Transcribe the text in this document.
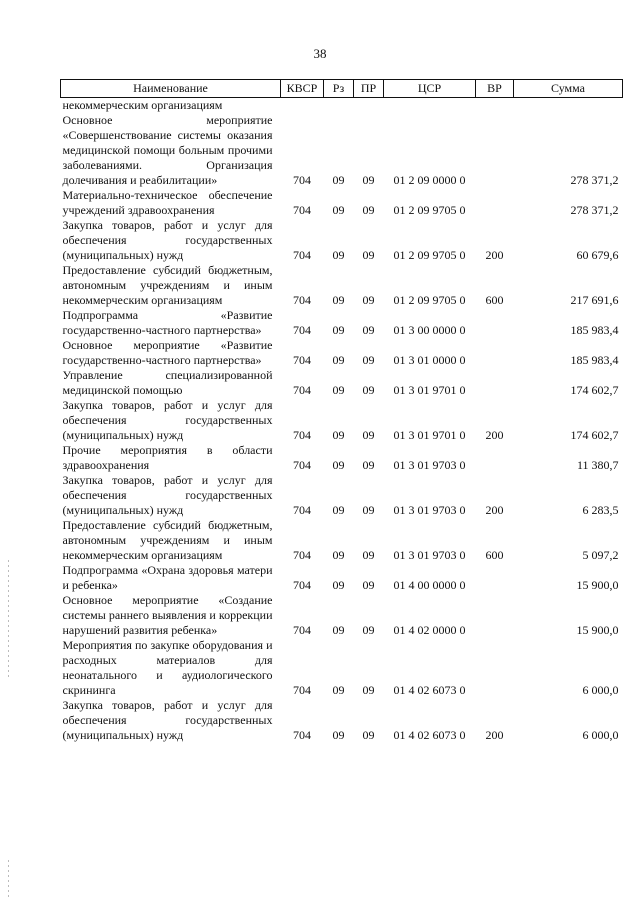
38
Наименование	КВСР	Рз	ПР	ЦСР	ВР	Сумма
некоммерческим организациям						
Основное мероприятие «Совершенствование системы оказания медицинской помощи больным прочими заболеваниями. Организация долечивания и реабилитации»	704	09	09	01 2 09 0000 0		278 371,2
Материально-техническое обеспечение учреждений здравоохранения	704	09	09	01 2 09 9705 0		278 371,2
Закупка товаров, работ и услуг для обеспечения государственных (муниципальных) нужд	704	09	09	01 2 09 9705 0	200	60 679,6
Предоставление субсидий бюджетным, автономным учреждениям и иным некоммерческим организациям	704	09	09	01 2 09 9705 0	600	217 691,6
Подпрограмма «Развитие государственно-частного партнерства»	704	09	09	01 3 00 0000 0		185 983,4
Основное мероприятие «Развитие государственно-частного партнерства»	704	09	09	01 3 01 0000 0		185 983,4
Управление специализированной медицинской помощью	704	09	09	01 3 01 9701 0		174 602,7
Закупка товаров, работ и услуг для обеспечения государственных (муниципальных) нужд	704	09	09	01 3 01 9701 0	200	174 602,7
Прочие мероприятия в области здравоохранения	704	09	09	01 3 01 9703 0		11 380,7
Закупка товаров, работ и услуг для обеспечения государственных (муниципальных) нужд	704	09	09	01 3 01 9703 0	200	6 283,5
Предоставление субсидий бюджетным, автономным учреждениям и иным некоммерческим организациям	704	09	09	01 3 01 9703 0	600	5 097,2
Подпрограмма «Охрана здоровья матери и ребенка»	704	09	09	01 4 00 0000 0		15 900,0
Основное мероприятие «Создание системы раннего выявления и коррекции нарушений развития ребенка»	704	09	09	01 4 02 0000 0		15 900,0
Мероприятия по закупке оборудования и расходных материалов для неонатального и аудиологического скрининга	704	09	09	01 4 02 6073 0		6 000,0
Закупка товаров, работ и услуг для обеспечения государственных (муниципальных) нужд	704	09	09	01 4 02 6073 0	200	6 000,0
